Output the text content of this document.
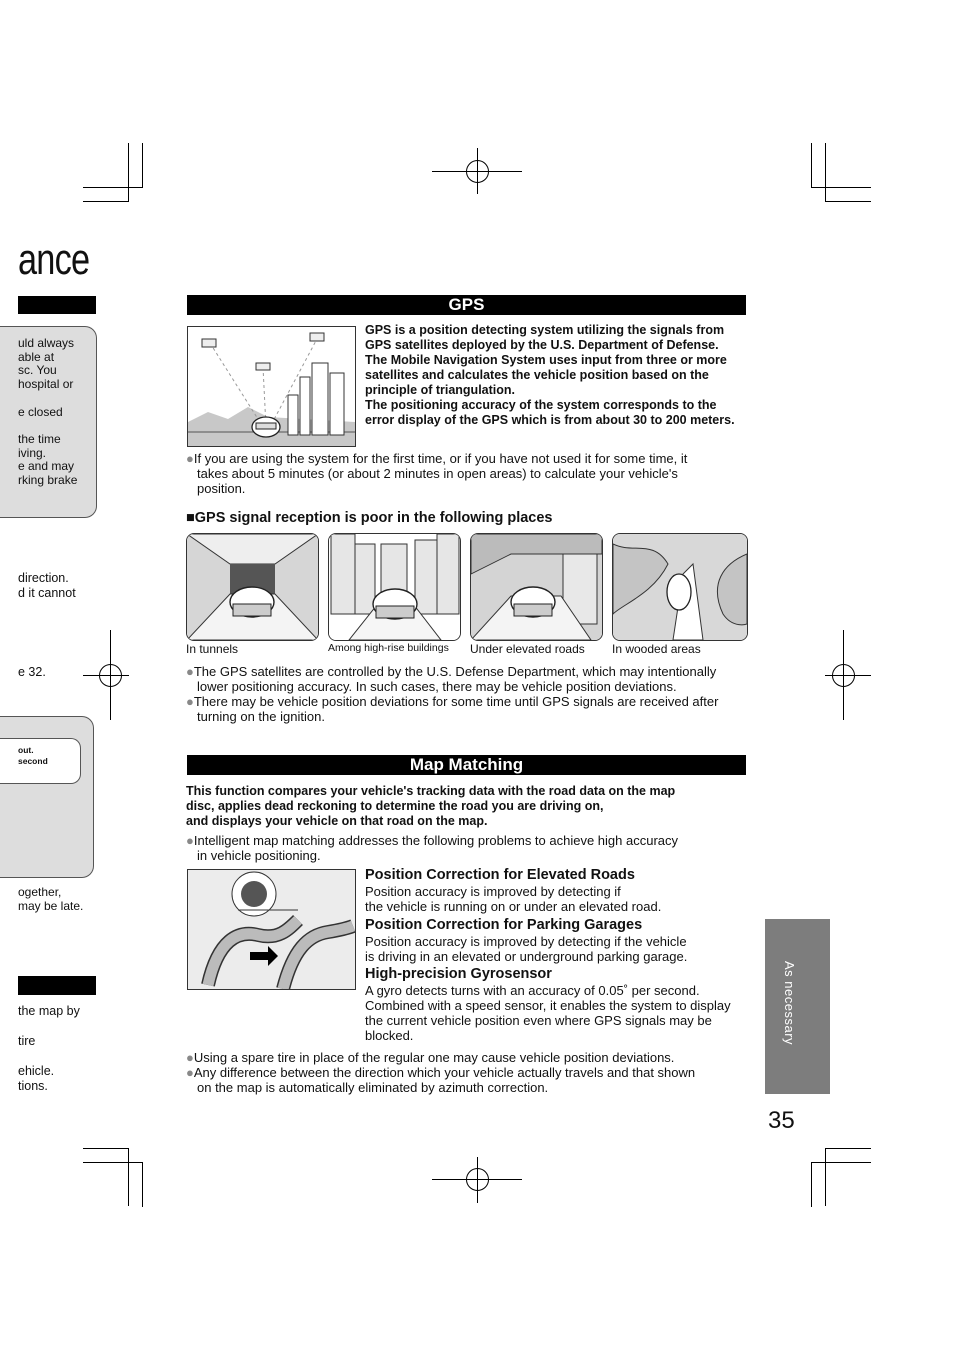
ance
uld always
able at
sc. You
hospital or
e closed
the time
iving.
e and may
rking brake
direction.
d it cannot
e 32.
out.
second
ogether,
may be late.
the map by
tire
ehicle.
tions.
GPS
GPS is a position detecting system utilizing the signals from
GPS satellites deployed by the U.S. Department of Defense.
The Mobile Navigation System uses input from three or more
satellites and calculates the vehicle position based on the
principle of triangulation.
The positioning accuracy of the system corresponds to the
error display of the GPS which is from about 30 to 200 meters.
●If you are using the system for the first time, or if you have not used it for some time, it
takes about 5 minutes (or about 2 minutes in open areas) to calculate your vehicle's
position.
■GPS signal reception is poor in the following places
In tunnels	Among high-rise buildings Under elevated roads In wooded areas
●The GPS satellites are controlled by the U.S. Defense Department, which may intentionally
lower positioning accuracy. In such cases, there may be vehicle position deviations.
●There may be vehicle position deviations for some time until GPS signals are received after
turning on the ignition.
Map Matching
This function compares your vehicle's tracking data with the road data on the map
disc, applies dead reckoning to determine the road you are driving on,
and displays your vehicle on that road on the map.
●Intelligent map matching addresses the following problems to achieve high accuracy
in vehicle positioning.
Position Correction for Elevated Roads
Position accuracy is improved by detecting if
the vehicle is running on or under an elevated road.
Position Correction for Parking Garages
Position accuracy is improved by detecting if the vehicle
is driving in an elevated or underground parking garage.
High-precision Gyrosensor
A gyro detects turns with an accuracy of 0.05˚ per second.
Combined with a speed sensor, it enables the system to display
the current vehicle position even where GPS signals may be
blocked.
●Using a spare tire in place of the regular one may cause vehicle position deviations.
●Any difference between the direction which your vehicle actually travels and that shown
on the map is automatically eliminated by azimuth correction.
As necessary
35
